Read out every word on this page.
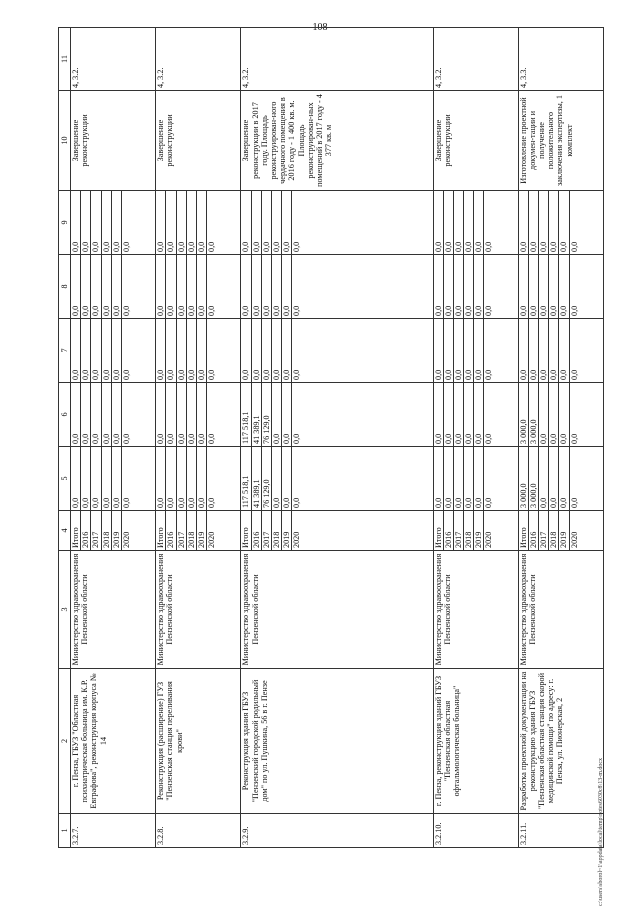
108
1	2	3	4	5	6	7	8	9	10	11
3.2.7.	г. Пенза, ГБУЗ "Областная психиатрическая больница им. К.Р. Евграфова", реконструкция корпуса № 14	Министерство здравоохранения Пензенской области	Итого	0,0	0,0	0,0	0,0	0,0	Завершение реконструкции	4, 3.2.
			2016	0,0	0,0	0,0	0,0	0,0		
			2017	0,0	0,0	0,0	0,0	0,0		
			2018	0,0	0,0	0,0	0,0	0,0		
			2019	0,0	0,0	0,0	0,0	0,0		
			2020	0,0	0,0	0,0	0,0	0,0		
3.2.8.	Реконструкция (расширение) ГУЗ "Пензенская станция переливания крови"	Министерство здравоохранения Пензенской области	Итого	0,0	0,0	0,0	0,0	0,0	Завершение реконструкции	4, 3.2.
			2016	0,0	0,0	0,0	0,0	0,0		
			2017	0,0	0,0	0,0	0,0	0,0		
			2018	0,0	0,0	0,0	0,0	0,0		
			2019	0,0	0,0	0,0	0,0	0,0		
			2020	0,0	0,0	0,0	0,0	0,0		
3.2.9.	Реконструкция здания ГБУЗ "Пензенский городской родильный дом" по ул. Пушкина, 56 в г. Пензе	Министерство здравоохранения Пензенской области	Итого	117 518,1	117 518,1	0,0	0,0	0,0	Завершение реконструкции в 2017 году. Площадь реконструирован-ного чердачного помещения в 2016 году - 1 400 кв. м. Площадь реконструирован-ных помещений в 2017 году - 4 377 кв. м	4, 3.2.
			2016	41 389,1	41 389,1	0,0	0,0	0,0		
			2017	76 129,0	76 129,0	0,0	0,0	0,0		
			2018	0,0	0,0	0,0	0,0	0,0		
			2019	0,0	0,0	0,0	0,0	0,0		
			2020	0,0	0,0	0,0	0,0	0,0		
3.2.10.	г. Пенза, реконструкция зданий ГБУЗ "Пензенская областная офтальмологическая больница"	Министерство здравоохранения Пензенской области	Итого	0,0	0,0	0,0	0,0	0,0	Завершение реконструкции	4, 3.2.
			2016	0,0	0,0	0,0	0,0	0,0		
			2017	0,0	0,0	0,0	0,0	0,0		
			2018	0,0	0,0	0,0	0,0	0,0		
			2019	0,0	0,0	0,0	0,0	0,0		
			2020	0,0	0,0	0,0	0,0	0,0		
3.2.11.	Разработка проектной документации на реконструкцию здания ГБУЗ "Пензенская областная станция скорой медицинской помощи" по адресу: г. Пенза, ул. Пионерская, 2	Министерство здравоохранения Пензенской области	Итого	3 000,0	3 000,0	0,0	0,0	0,0	Изготовление проектной докумен-тации и получение положительного заключения экспертизы, 1 комплект	4, 3.3.
			2016	3 000,0	3 000,0	0,0	0,0	0,0		
			2017	0,0	0,0	0,0	0,0	0,0		
			2018	0,0	0,0	0,0	0,0	0,0		
			2019	0,0	0,0	0,0	0,0	0,0		
			2020	0,0	0,0	0,0	0,0	0,0		
c:\users\sborol~1\appdata\local\temp\notes6030c8\13-m.docx
